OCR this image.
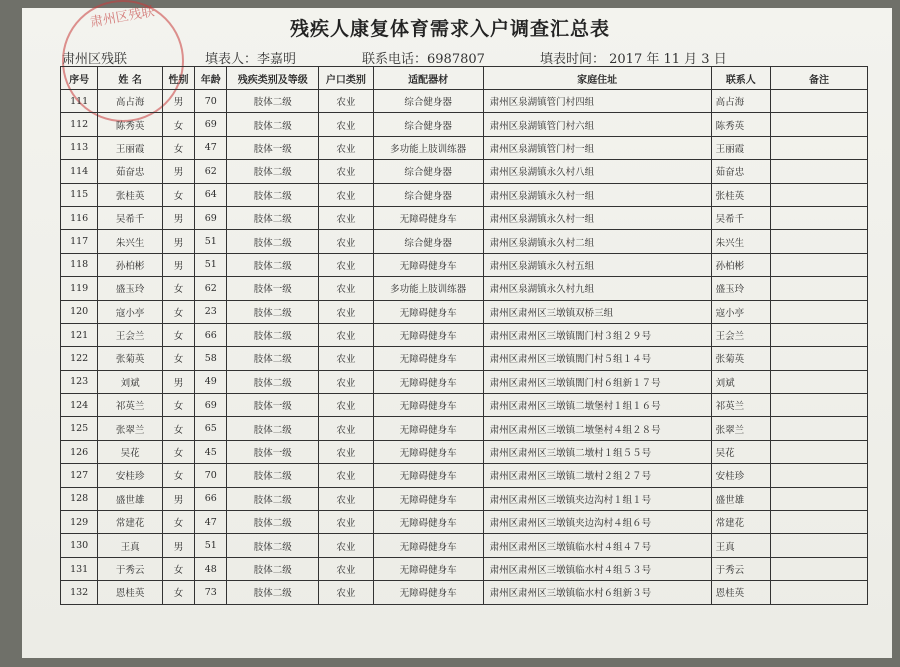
肃州区残联	残疾人康复体育需求入户调查汇总表
肃州区残联	填表人：李嘉明	联系电话：6987807	填表时间： 2017 年 11 月 3 日
序号	姓 名	性别	年龄	残疾类别及等级	户口类别	适配器材	家庭住址	联系人	备注
111	高占海	男	70	肢体二级	农业	综合健身器	肃州区泉湖镇管门村四组	高占海	
112	陈秀英	女	69	肢体二级	农业	综合健身器	肃州区泉湖镇管门村六组	陈秀英	
113	王丽霞	女	47	肢体一级	农业	多功能上肢训练器	肃州区泉湖镇管门村一组	王丽霞	
114	茹奋忠	男	62	肢体二级	农业	综合健身器	肃州区泉湖镇永久村八组	茹奋忠	
115	张桂英	女	64	肢体二级	农业	综合健身器	肃州区泉湖镇永久村一组	张桂英	
116	吴希千	男	69	肢体二级	农业	无障碍健身车	肃州区泉湖镇永久村一组	吴希千	
117	朱兴生	男	51	肢体二级	农业	综合健身器	肃州区泉湖镇永久村二组	朱兴生	
118	孙柏彬	男	51	肢体二级	农业	无障碍健身车	肃州区泉湖镇永久村五组	孙柏彬	
119	盛玉玲	女	62	肢体一级	农业	多功能上肢训练器	肃州区泉湖镇永久村九组	盛玉玲	
120	寇小亭	女	23	肢体二级	农业	无障碍健身车	肃州区肃州区三墩镇双桥三组	寇小亭	
121	王会兰	女	66	肢体二级	农业	无障碍健身车	肃州区肃州区三墩镇闇门村３组２９号	王会兰	
122	张菊英	女	58	肢体二级	农业	无障碍健身车	肃州区肃州区三墩镇闇门村５组１４号	张菊英	
123	刘斌	男	49	肢体二级	农业	无障碍健身车	肃州区肃州区三墩镇闇门村６组新１７号	刘斌	
124	祁英兰	女	69	肢体一级	农业	无障碍健身车	肃州区肃州区三墩镇二墩堡村１组１６号	祁英兰	
125	张翠兰	女	65	肢体二级	农业	无障碍健身车	肃州区肃州区三墩镇二墩堡村４组２８号	张翠兰	
126	吴花	女	45	肢体一级	农业	无障碍健身车	肃州区肃州区三墩镇二墩村１组５５号	吴花	
127	安桂珍	女	70	肢体二级	农业	无障碍健身车	肃州区肃州区三墩镇二墩村２组２７号	安桂珍	
128	盛世雄	男	66	肢体二级	农业	无障碍健身车	肃州区肃州区三墩镇夹边沟村１组１号	盛世雄	
129	常建花	女	47	肢体二级	农业	无障碍健身车	肃州区肃州区三墩镇夹边沟村４组６号	常建花	
130	王真	男	51	肢体二级	农业	无障碍健身车	肃州区肃州区三墩镇临水村４组４７号	王真	
131	于秀云	女	48	肢体二级	农业	无障碍健身车	肃州区肃州区三墩镇临水村４组５３号	于秀云	
132	恩桂英	女	73	肢体二级	农业	无障碍健身车	肃州区肃州区三墩镇临水村６组新３号	恩桂英	
